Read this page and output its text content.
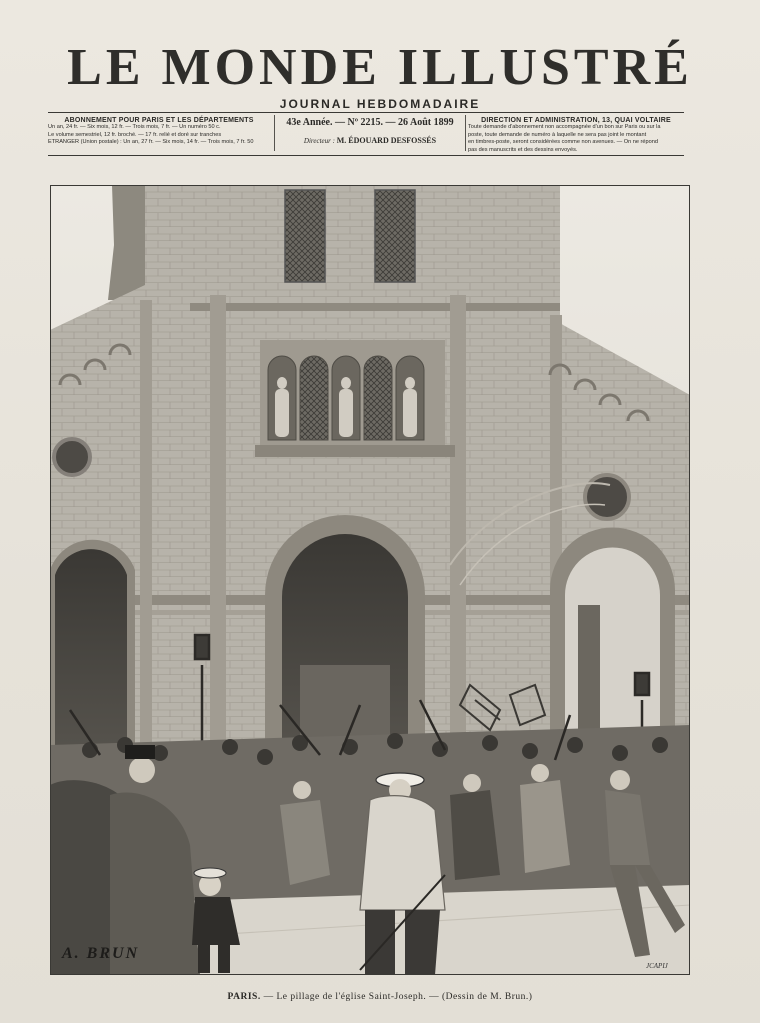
LE MONDE ILLUSTRÉ
JOURNAL HEBDOMADAIRE
ABONNEMENT POUR PARIS ET LES DÉPARTEMENTS
Un an, 24 fr. — Six mois, 12 fr. — Trois mois, 7 fr. — Un numéro 50 c.
Le volume semestriel, 12 fr. broché. — 17 fr. relié et doré sur tranches
ÉTRANGER (Union postale) : Un an, 27 fr. — Six mois, 14 fr. — Trois mois, 7 fr. 50
43e Année. — Nº 2215. — 26 Août 1899
Directeur : M. ÉDOUARD DESFOSSÉS
DIRECTION ET ADMINISTRATION, 13, QUAI VOLTAIRE
Toute demande d'abonnement non accompagnée d'un bon sur Paris ou sur la
poste, toute demande de numéro à laquelle ne sera pas joint le montant
en timbres-poste, seront considérées comme non avenues. — On ne répond
pas des manuscrits et des dessins envoyés.
A. BRUN
JCAPIJ
PARIS. — Le pillage de l'église Saint-Joseph. — (Dessin de M. Brun.)
